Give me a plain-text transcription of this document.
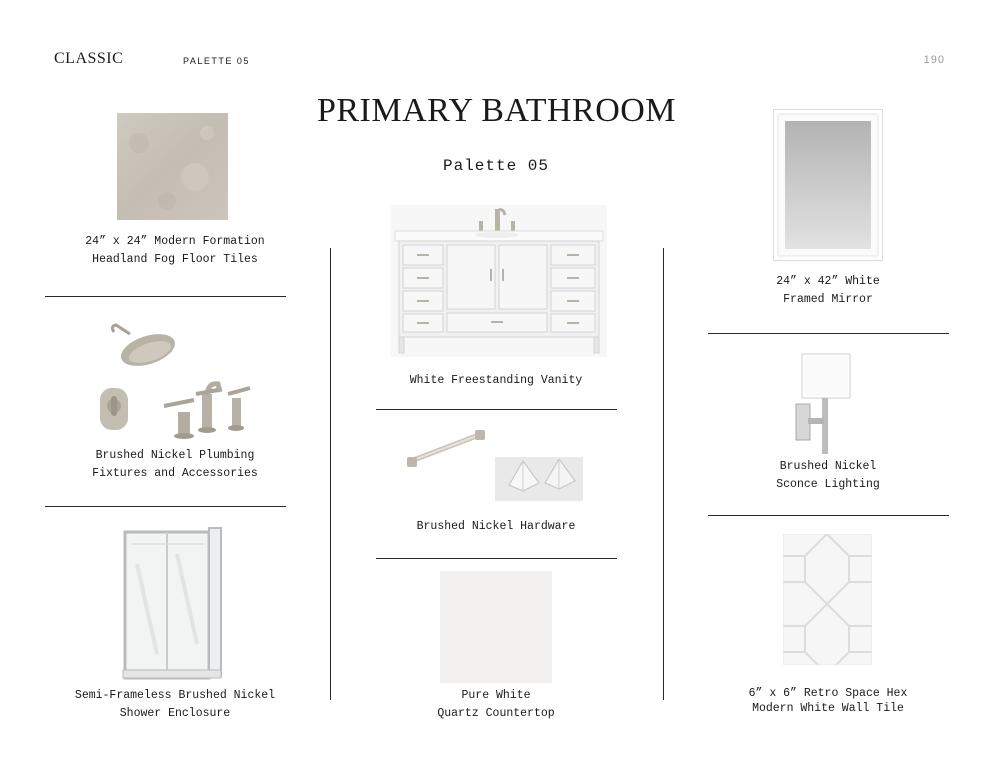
CLASSIC	PALETTE 05	190
PRIMARY BATHROOM
Palette 05
24” x 24” Modern Formation
Headland Fog Floor Tiles
Brushed Nickel Plumbing
Fixtures and Accessories
Semi-Frameless Brushed Nickel
Shower Enclosure
White Freestanding Vanity
Brushed Nickel Hardware
Pure White
Quartz Countertop
24” x 42” White
Framed Mirror
Brushed Nickel
Sconce Lighting
6” x 6” Retro Space Hex
Modern White Wall Tile
